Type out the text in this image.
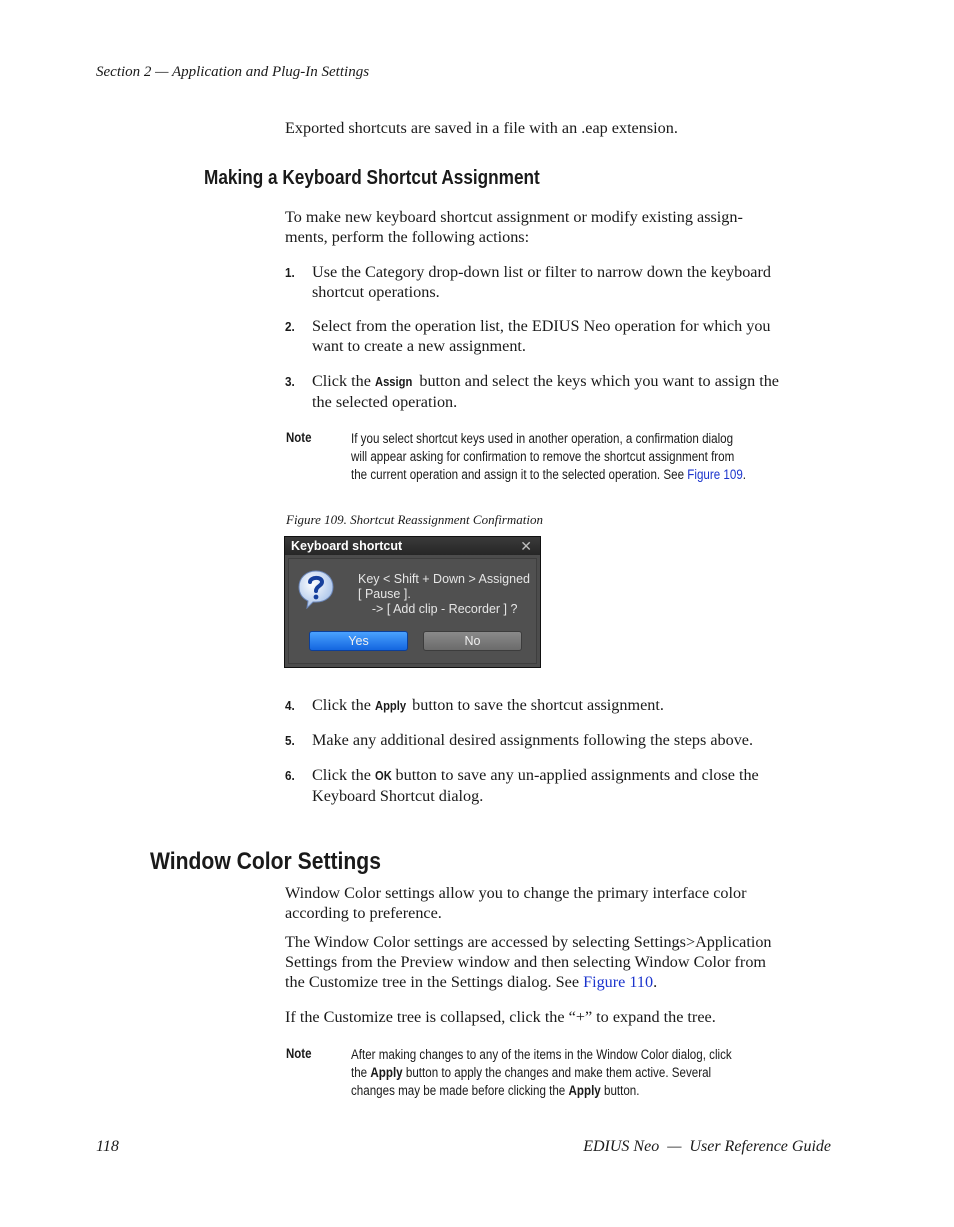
Section 2 — Application and Plug-In Settings
Exported shortcuts are saved in a file with an .eap extension.
Making a Keyboard Shortcut Assignment
To make new keyboard shortcut assignment or modify existing assign-
ments, perform the following actions:
1. Use the Category drop-down list or filter to narrow down the keyboard
shortcut operations.
2. Select from the operation list, the EDIUS Neo operation for which you
want to create a new assignment.
3. Click the Assign button and select the keys which you want to assign the
the selected operation.
Note	If you select shortcut keys used in another operation, a confirmation dialog
will appear asking for confirmation to remove the shortcut assignment from
the current operation and assign it to the selected operation. See Figure 109.
Figure 109. Shortcut Reassignment Confirmation
Keyboard shortcut	✕
Key < Shift + Down > Assigned
[ Pause ].
-> [ Add clip - Recorder ] ?
Yes	No
4. Click the Apply button to save the shortcut assignment.
5. Make any additional desired assignments following the steps above.
6. Click the OK button to save any un-applied assignments and close the
Keyboard Shortcut dialog.
Window Color Settings
Window Color settings allow you to change the primary interface color
according to preference.
The Window Color settings are accessed by selecting Settings>Application
Settings from the Preview window and then selecting Window Color from
the Customize tree in the Settings dialog. See Figure 110.
If the Customize tree is collapsed, click the “+” to expand the tree.
Note	After making changes to any of the items in the Window Color dialog, click
the Apply button to apply the changes and make them active. Several
changes may be made before clicking the Apply button.
118	EDIUS Neo  —  User Reference Guide
